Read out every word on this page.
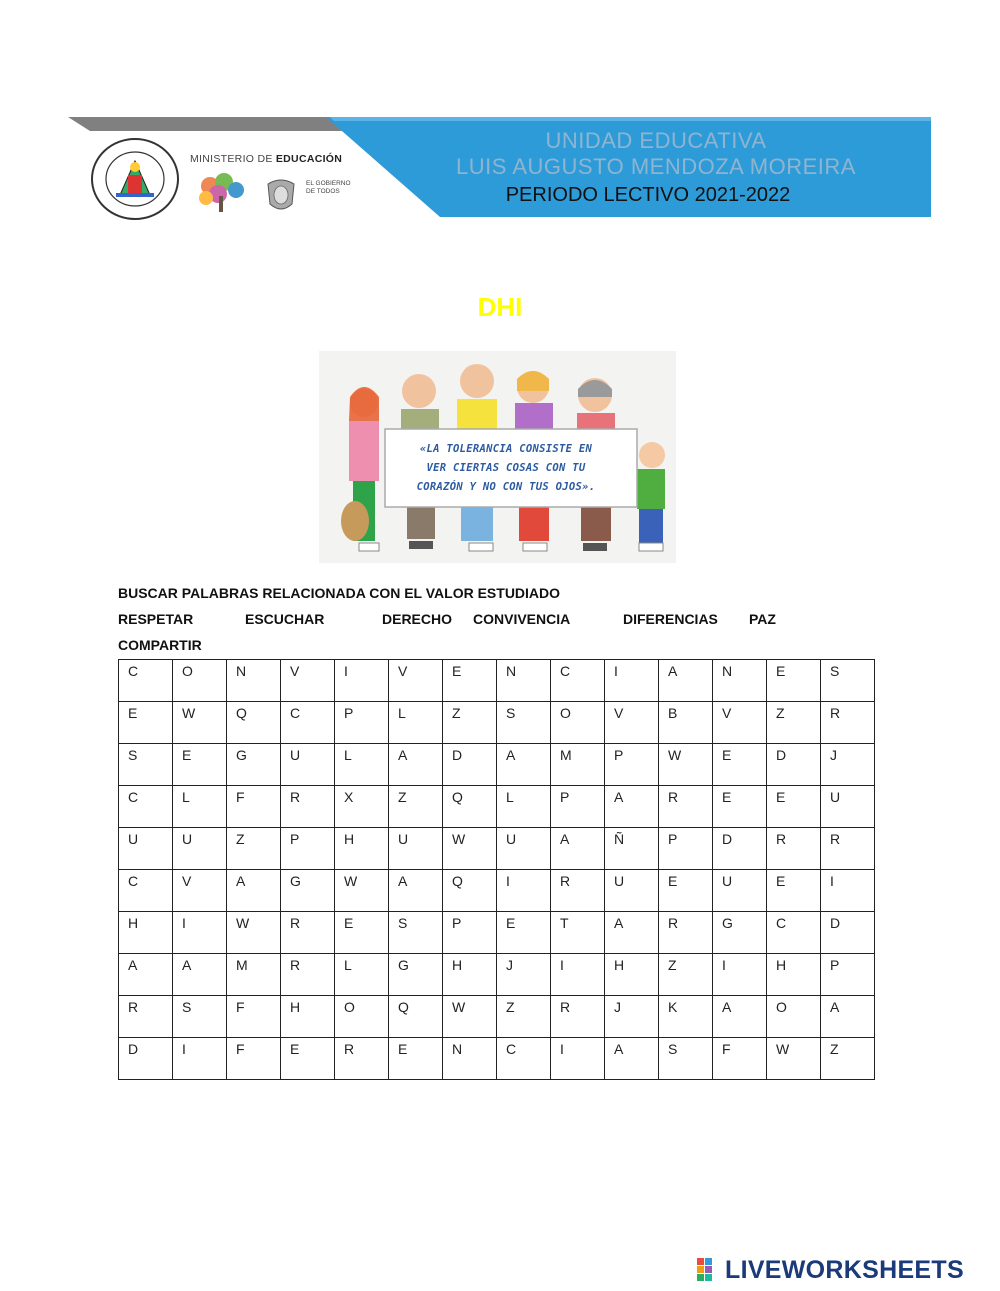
MINISTERIO DE EDUCACIÓN
EL GOBIERNO DE TODOS
UNIDAD EDUCATIVA
LUIS AUGUSTO MENDOZA MOREIRA
PERIODO LECTIVO 2021-2022
DHI
«LA TOLERANCIA CONSISTE EN
VER CIERTAS COSAS CON TU
CORAZÓN Y NO CON TUS OJOS».
BUSCAR PALABRAS RELACIONADA CON EL VALOR ESTUDIADO
RESPETAR	ESCUCHAR	DERECHO CONVIVENCIA	DIFERENCIAS PAZ
COMPARTIR
C	O	N	V	I	V	E	N	C	I	A	N	E	S
E	W	Q	C	P	L	Z	S	O	V	B	V	Z	R
S	E	G	U	L	A	D	A	M	P	W	E	D	J
C	L	F	R	X	Z	Q	L	P	A	R	E	E	U
U	U	Z	P	H	U	W	U	A	Ñ	P	D	R	R
C	V	A	G	W	A	Q	I	R	U	E	U	E	I
H	I	W	R	E	S	P	E	T	A	R	G	C	D
A	A	M	R	L	G	H	J	I	H	Z	I	H	P
R	S	F	H	O	Q	W	Z	R	J	K	A	O	A
D	I	F	E	R	E	N	C	I	A	S	F	W	Z
LIVEWORKSHEETS
